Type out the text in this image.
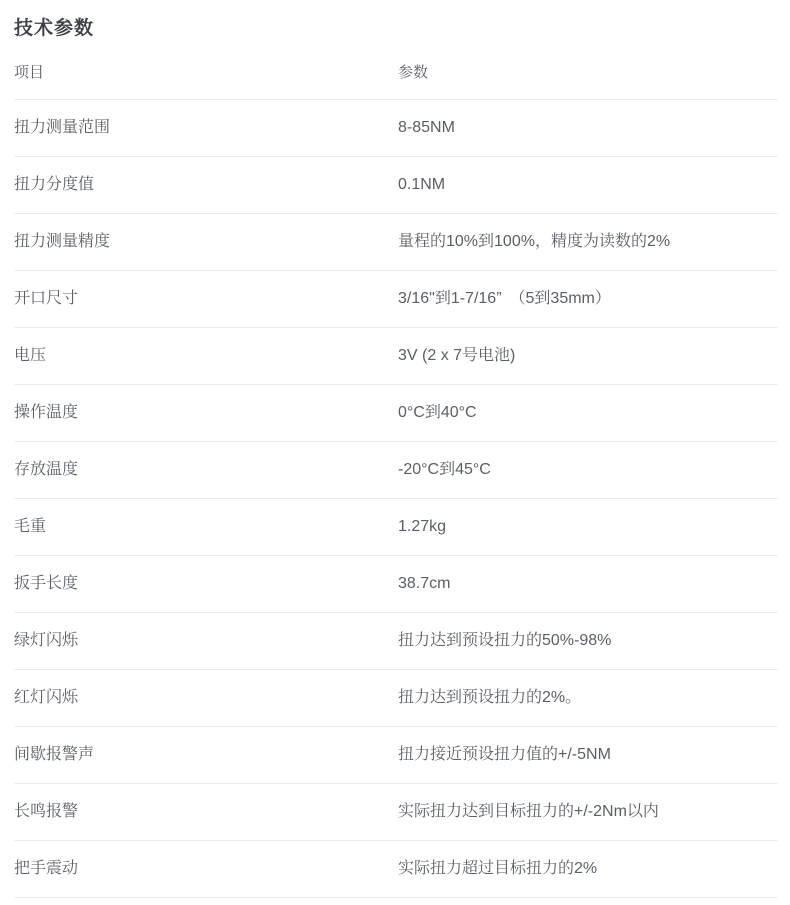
技术参数
项目	参数
扭力测量范围	8-85NM
扭力分度值	0.1NM
扭力测量精度	量程的10%到100%，精度为读数的2%
开口尺寸	3/16"到1-7/16”　（5到35mm）
电压	3V (2 x 7号电池)
操作温度	0°C到40°C
存放温度	-20°C到45°C
毛重	1.27kg
扳手长度	38.7cm
绿灯闪烁	扭力达到预设扭力的50%-98%
红灯闪烁	扭力达到预设扭力的2%。
间歇报警声	扭力接近预设扭力值的+/-5NM
长鸣报警	实际扭力达到目标扭力的+/-2Nm以内
把手震动	实际扭力超过目标扭力的2%
